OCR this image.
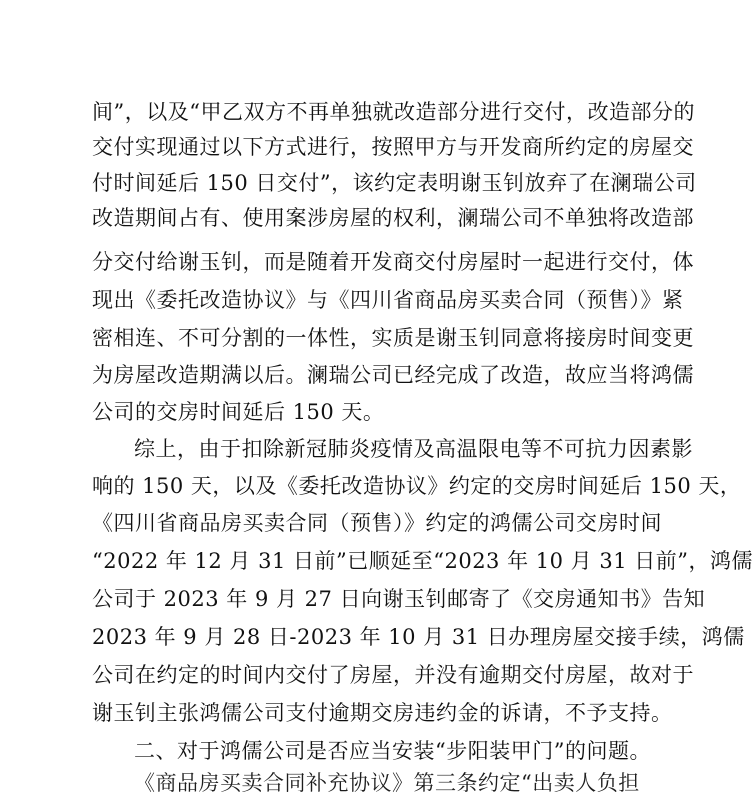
间”，以及“甲乙双方不再单独就改造部分进行交付，改造部分的
交付实现通过以下方式进行，按照甲方与开发商所约定的房屋交
付时间延后 150 日交付”，该约定表明谢玉钊放弃了在澜瑞公司
改造期间占有、使用案涉房屋的权利，澜瑞公司不单独将改造部
分交付给谢玉钊，而是随着开发商交付房屋时一起进行交付，体
现出《委托改造协议》与《四川省商品房买卖合同（预售）》紧
密相连、不可分割的一体性，实质是谢玉钊同意将接房时间变更
为房屋改造期满以后。澜瑞公司已经完成了改造，故应当将鸿儒
公司的交房时间延后 150 天。
综上，由于扣除新冠肺炎疫情及高温限电等不可抗力因素影
响的 150 天，以及《委托改造协议》约定的交房时间延后 150 天，
《四川省商品房买卖合同（预售）》约定的鸿儒公司交房时间
“2022 年 12 月 31 日前”已顺延至“2023 年 10 月 31 日前”，鸿儒
公司于 2023 年 9 月 27 日向谢玉钊邮寄了《交房通知书》告知
2023 年 9 月 28 日-2023 年 10 月 31 日办理房屋交接手续，鸿儒
公司在约定的时间内交付了房屋，并没有逾期交付房屋，故对于
谢玉钊主张鸿儒公司支付逾期交房违约金的诉请，不予支持。
二、对于鸿儒公司是否应当安装“步阳装甲门”的问题。
《商品房买卖合同补充协议》第三条约定“出卖人负担
